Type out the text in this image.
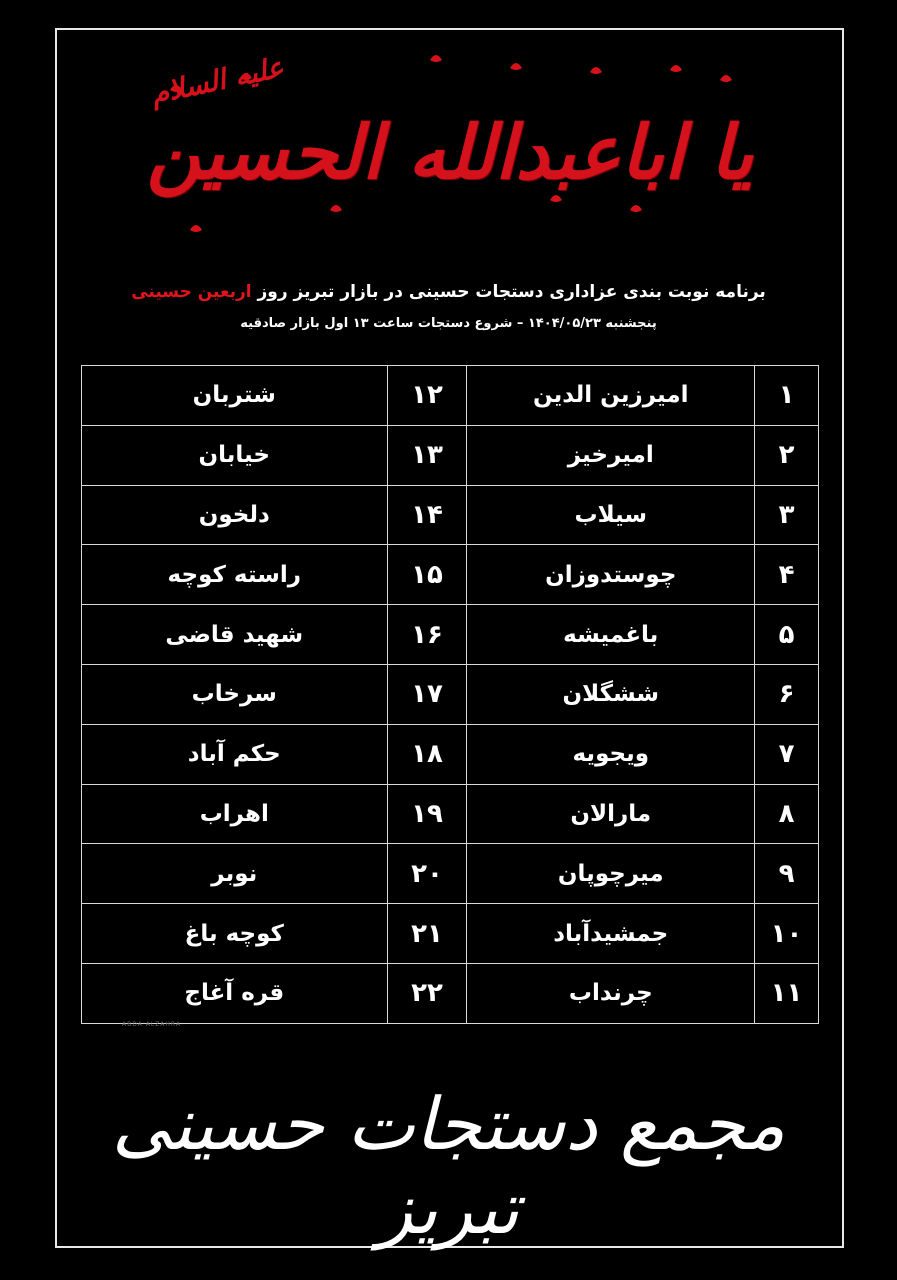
علیه السلام
یا اباعبدالله الحسین
برنامه نوبت بندی عزاداری دستجات حسینی در بازار تبریز روز اربعین حسینی
پنجشنبه ۱۴۰۴/۰۵/۲۳ – شروع دستجات ساعت ۱۳ اول بازار صادقیه
۱	امیرزین الدین	۱۲	شتربان
۲	امیرخیز	۱۳	خیابان
۳	سیلاب	۱۴	دلخون
۴	چوستدوزان	۱۵	راسته کوچه
۵	باغمیشه	۱۶	شهید قاضی
۶	ششگلان	۱۷	سرخاب
۷	ویجویه	۱۸	حکم آباد
۸	مارالان	۱۹	اهراب
۹	میرچوپان	۲۰	نوبر
۱۰	جمشیدآباد	۲۱	کوچه باغ
۱۱	چرنداب	۲۲	قره آغاج
ABDA ALZAHRA
مجمع دستجات حسینی تبریز
